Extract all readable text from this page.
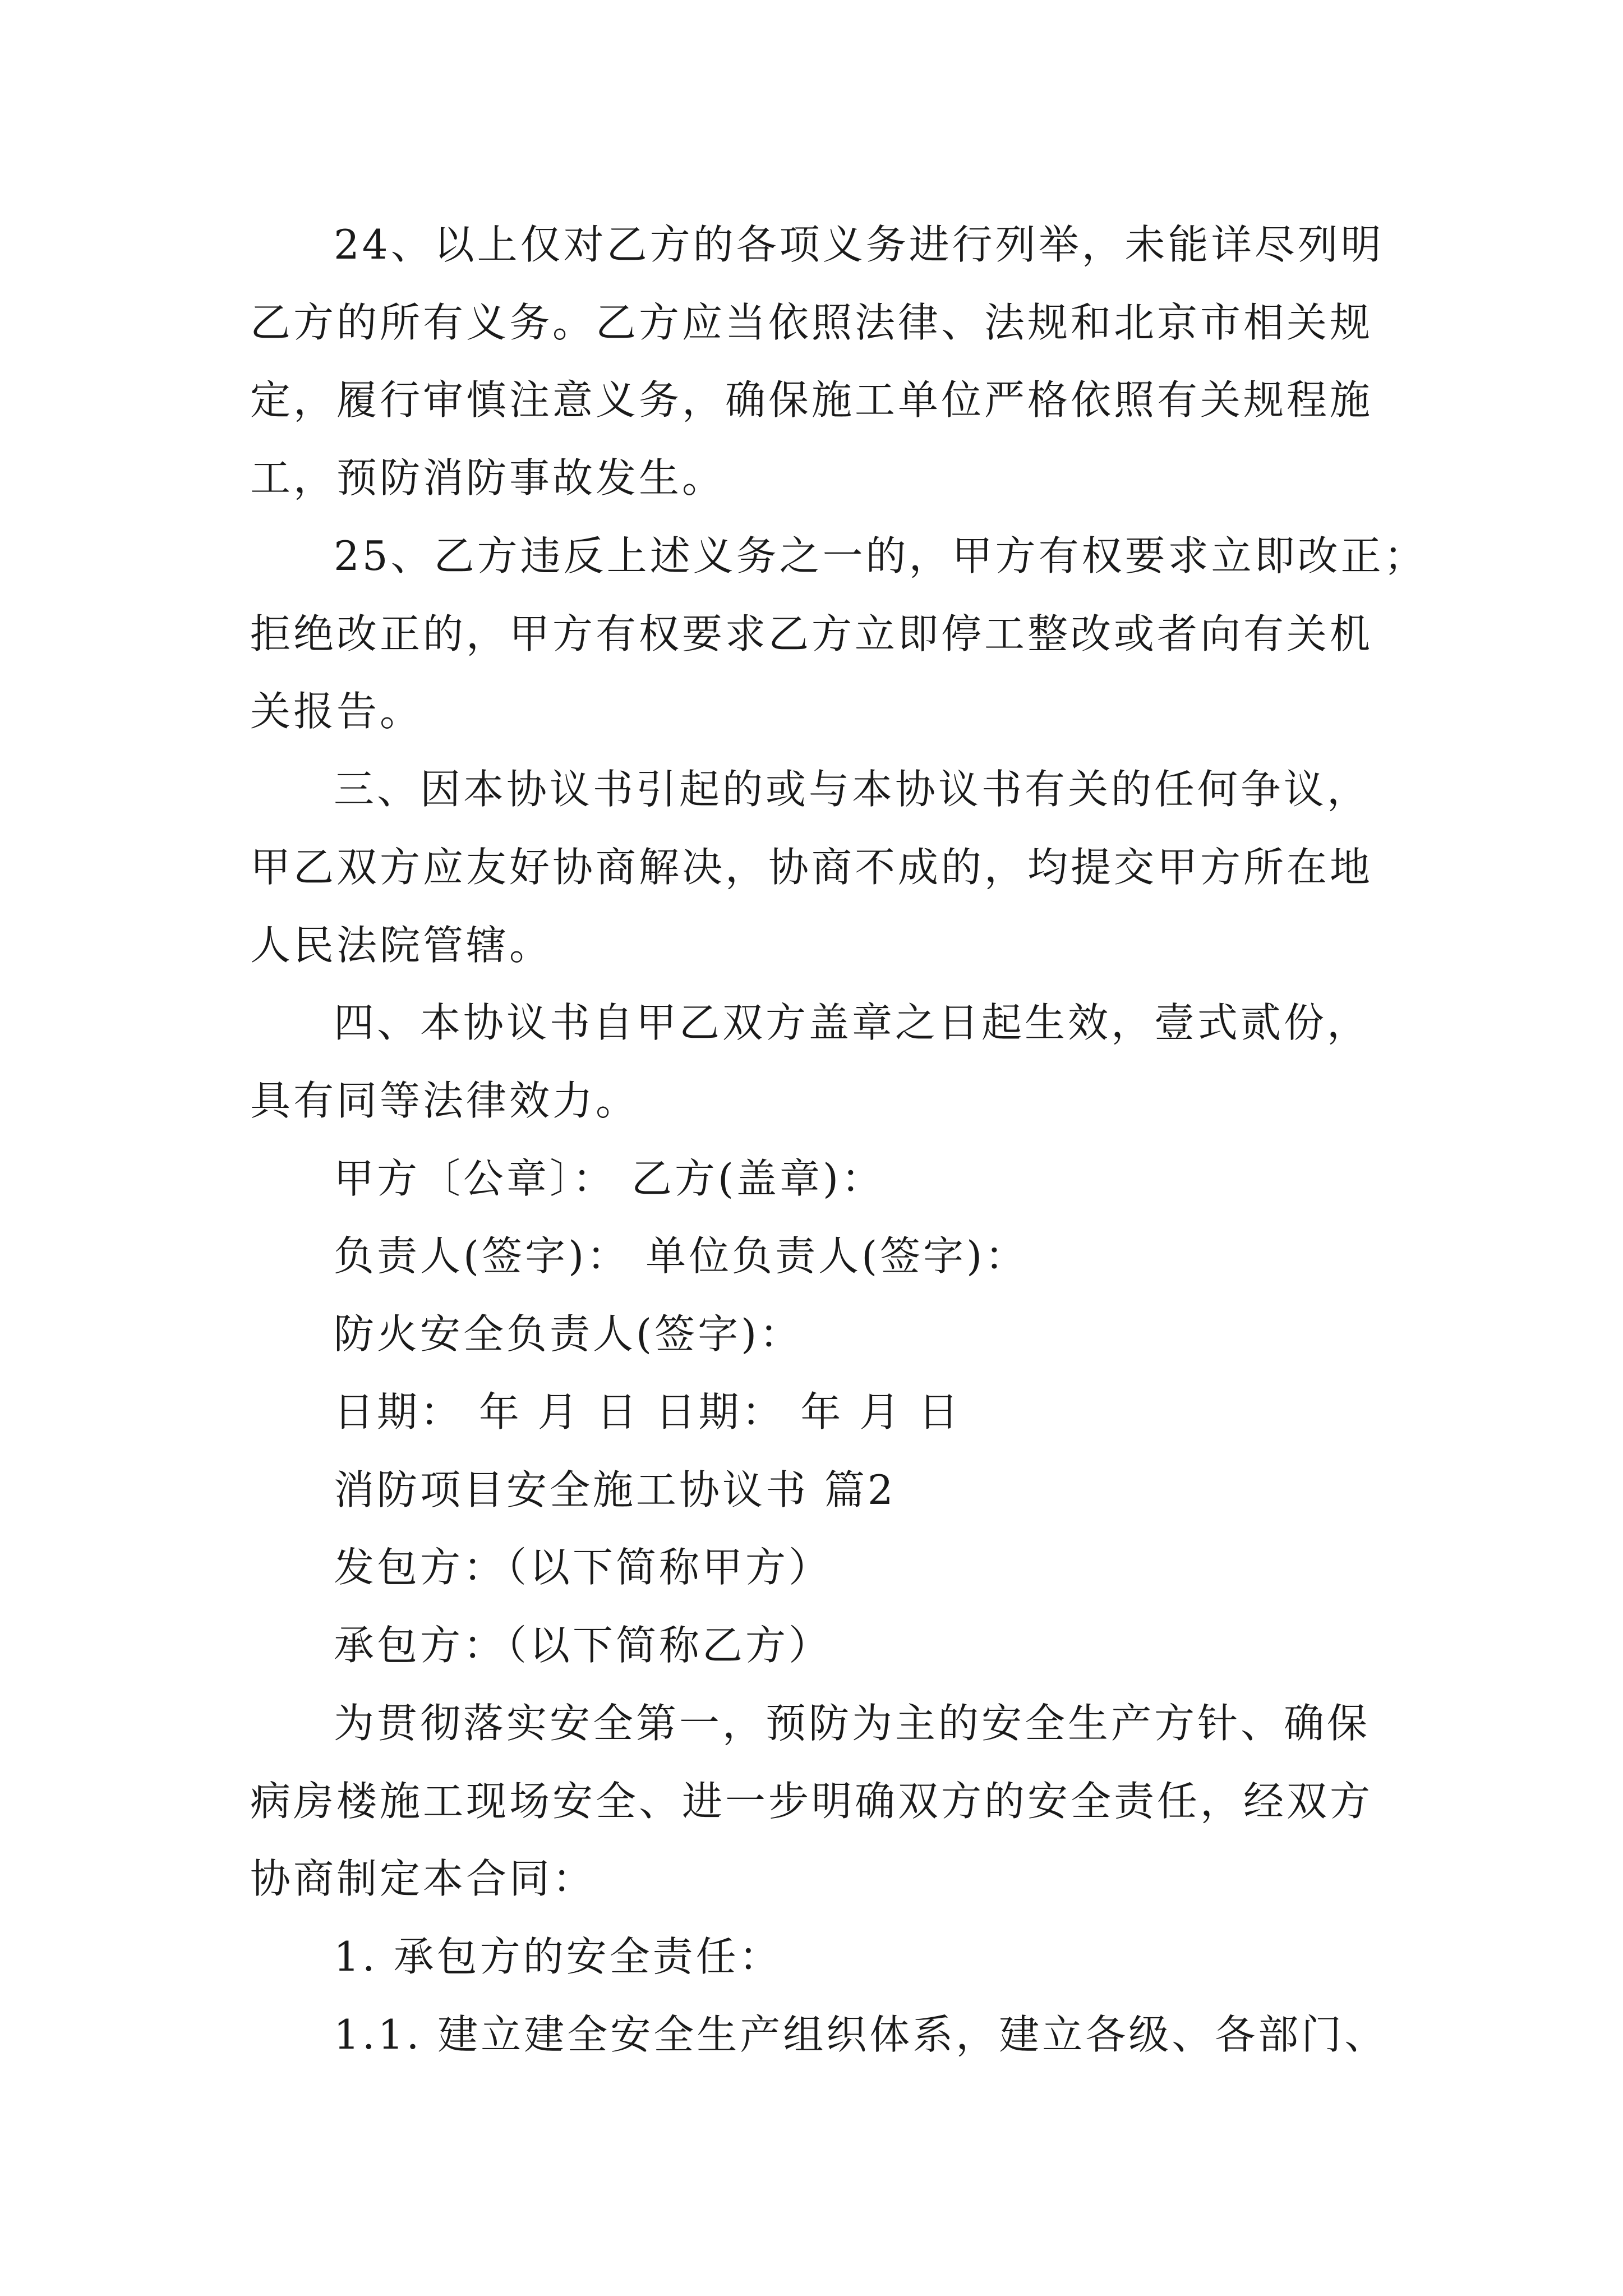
24、以上仅对乙方的各项义务进行列举，未能详尽列明
乙方的所有义务。乙方应当依照法律、法规和北京市相关规
定，履行审慎注意义务，确保施工单位严格依照有关规程施
工，预防消防事故发生。
25、乙方违反上述义务之一的，甲方有权要求立即改正；
拒绝改正的，甲方有权要求乙方立即停工整改或者向有关机
关报告。
三、因本协议书引起的或与本协议书有关的任何争议，
甲乙双方应友好协商解决，协商不成的，均提交甲方所在地
人民法院管辖。
四、本协议书自甲乙双方盖章之日起生效，壹式贰份，
具有同等法律效力。
甲方〔公章〕： 乙方(盖章)：
负责人(签字)： 单位负责人(签字)：
防火安全负责人(签字)：
日期： 年 月 日 日期： 年 月 日
消防项目安全施工协议书 篇2
发包方：（以下简称甲方）
承包方：（以下简称乙方）
为贯彻落实安全第一，预防为主的安全生产方针、确保
病房楼施工现场安全、进一步明确双方的安全责任，经双方
协商制定本合同：
1. 承包方的安全责任：
1.1. 建立建全安全生产组织体系，建立各级、各部门、
